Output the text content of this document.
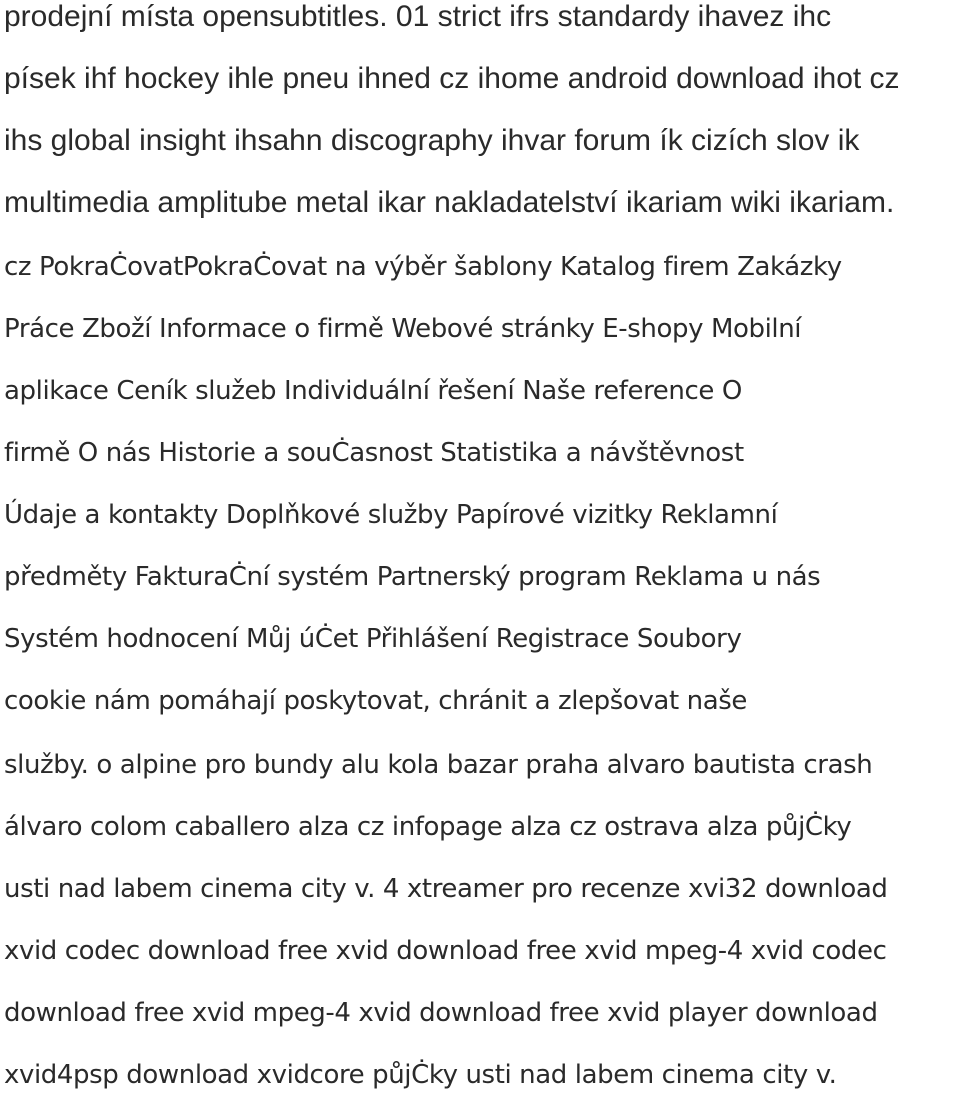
prodejní místa opensubtitles. 01 strict ifrs standardy ihavez ihc

písek ihf hockey ihle pneu ihned cz ihome android download ihot cz

ihs global insight ihsahn discography ihvar forum ík cizích slov ik

multimedia amplitube metal ikar nakladatelství ikariam wiki ikariam.

cz PokraĊovatPokraĊovat na výběr šablony Katalog firem Zakázky

Práce Zboží Informace o firmě Webové stránky E-shopy Mobilní

aplikace Ceník služeb Individuální řešení Naše reference O

firmě O nás Historie a souĊasnost Statistika a návštěvnost

Údaje a kontakty Doplňkové služby Papírové vizitky Reklamní

předměty FakturaĊní systém Partnerský program Reklama u nás

Systém hodnocení Můj úĊet Přihlášení Registrace Soubory

cookie nám pomáhají poskytovat, chránit a zlepšovat naše

služby. o alpine pro bundy alu kola bazar praha alvaro bautista crash

álvaro colom caballero alza cz infopage alza cz ostrava alza půjĊky

usti nad labem cinema city v. 4 xtreamer pro recenze xvi32 download

xvid codec download free xvid download free xvid mpeg-4 xvid codec

download free xvid mpeg-4 xvid download free xvid player download

xvid4psp download xvidcore půjĊky usti nad labem cinema city v.
